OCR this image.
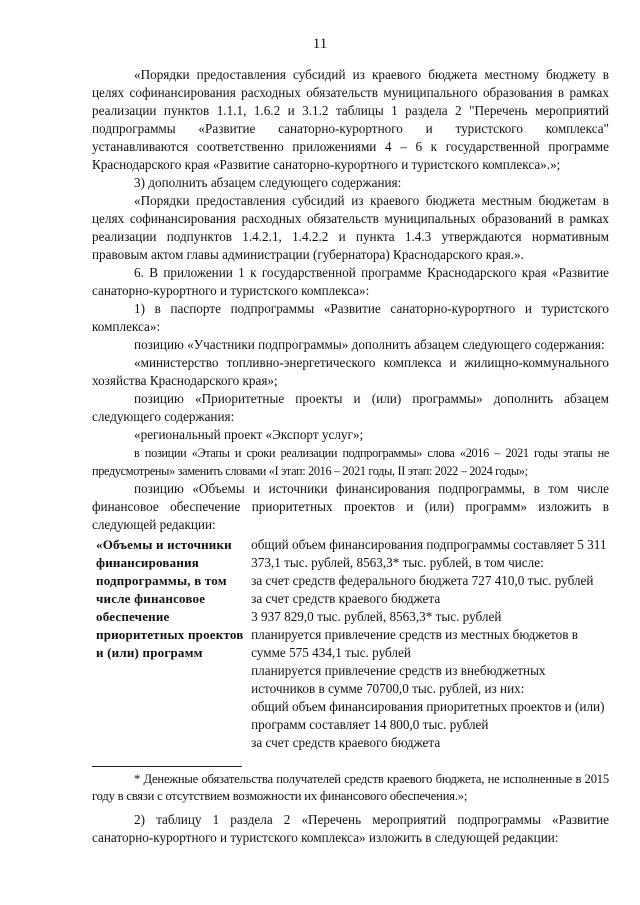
11

«Порядки предоставления субсидий из краевого бюджета местному бюджету в целях софинансирования расходных обязательств муниципального образования в рамках реализации пунктов 1.1.1, 1.6.2 и 3.1.2 таблицы 1 раздела 2 "Перечень мероприятий подпрограммы «Развитие санаторно-курортного и туристского комплекса" устанавливаются соответственно приложениями 4 – 6 к государственной программе Краснодарского края «Развитие санаторно-курортного и туристского комплекса».»;

3) дополнить абзацем следующего содержания:

«Порядки предоставления субсидий из краевого бюджета местным бюджетам в целях софинансирования расходных обязательств муниципальных образований в рамках реализации подпунктов 1.4.2.1, 1.4.2.2 и пункта 1.4.3 утверждаются нормативным правовым актом главы администрации (губернатора) Краснодарского края.».

6. В приложении 1 к государственной программе Краснодарского края «Развитие санаторно-курортного и туристского комплекса»:

1) в паспорте подпрограммы «Развитие санаторно-курортного и туристского комплекса»:

позицию «Участники подпрограммы» дополнить абзацем следующего содержания:

«министерство топливно-энергетического комплекса и жилищно-коммунального хозяйства Краснодарского края»;

позицию «Приоритетные проекты и (или) программы» дополнить абзацем следующего содержания:

«региональный проект «Экспорт услуг»;

в позиции «Этапы и сроки реализации подпрограммы» слова «2016 – 2021 годы этапы не предусмотрены» заменить словами «I этап: 2016 – 2021 годы, II этап: 2022 – 2024 годы»;

позицию «Объемы и источники финансирования подпрограммы, в том числе финансовое обеспечение приоритетных проектов и (или) программ» изложить в следующей редакции:

«Объемы и источники финансирования подпрограммы, в том числе финансовое обеспечение приоритетных проектов и (или) программ

общий объем финансирования подпрограммы составляет 5 311 373,1 тыс. рублей, 8563,3* тыс. рублей, в том числе:

за счет средств федерального бюджета 727 410,0 тыс. рублей

за счет средств краевого бюджета

3 937 829,0 тыс. рублей, 8563,3* тыс. рублей

планируется привлечение средств из местных бюджетов в сумме 575 434,1 тыс. рублей

планируется привлечение средств из внебюджетных источников в сумме 70700,0 тыс. рублей, из них:

общий объем финансирования приоритетных проектов и (или) программ составляет 14 800,0 тыс. рублей

за счет средств краевого бюджета

* Денежные обязательства получателей средств краевого бюджета, не исполненные в 2015 году в связи с отсутствием возможности их финансового обеспечения.»;

2) таблицу 1 раздела 2 «Перечень мероприятий подпрограммы «Развитие санаторно-курортного и туристского комплекса» изложить в следующей редакции:
